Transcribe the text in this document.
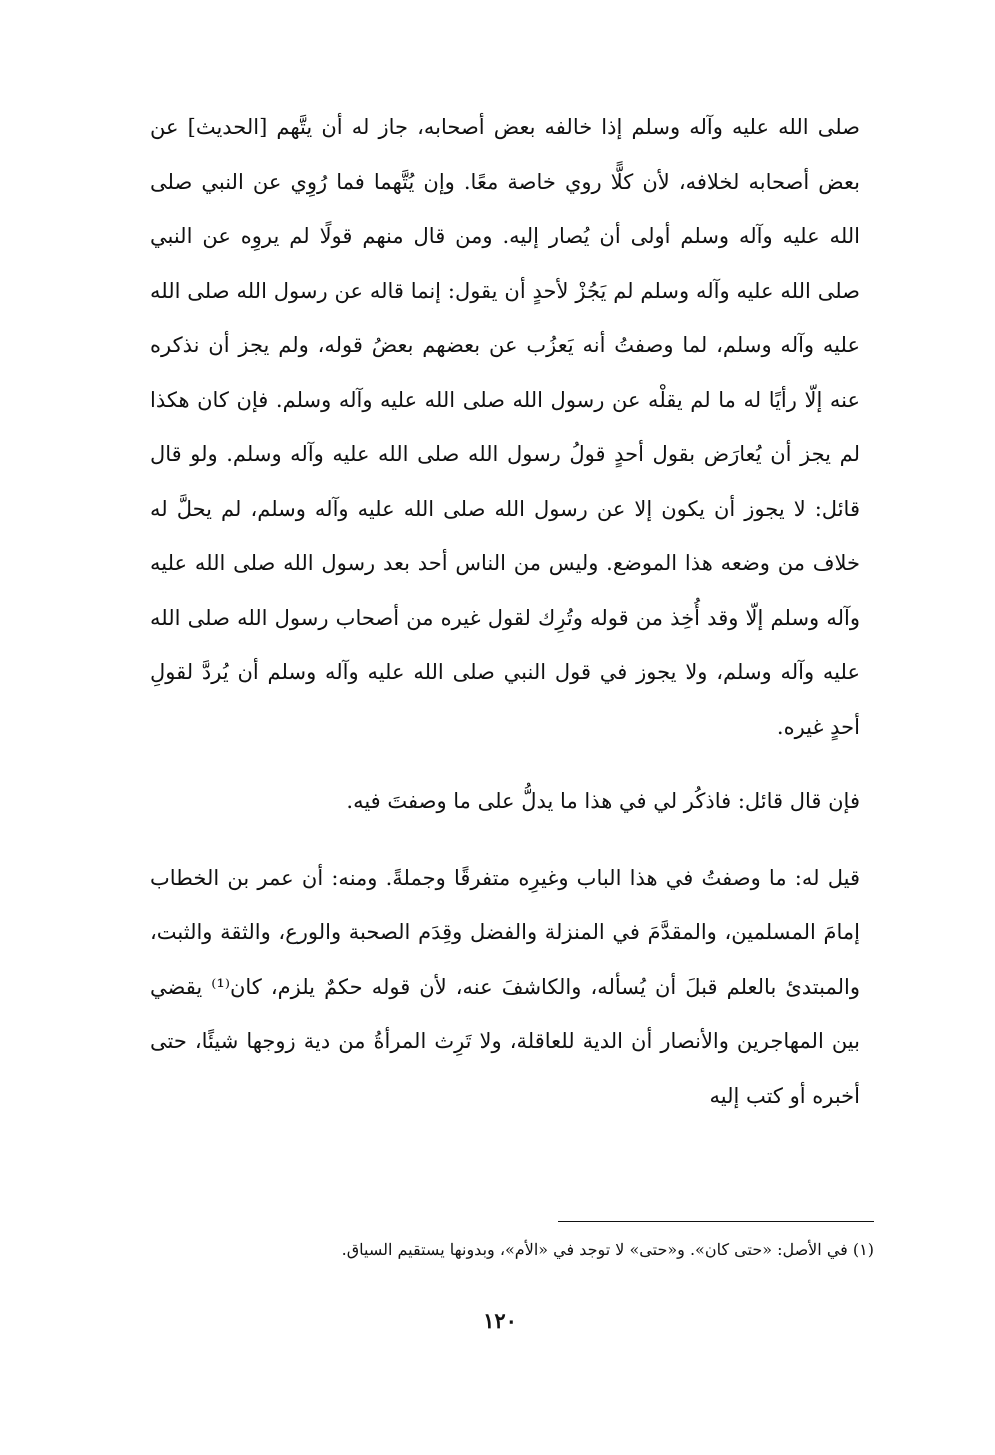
صلى الله عليه وآله وسلم إذا خالفه بعض أصحابه، جاز له أن يتَّهم [الحديث] عن بعض أصحابه لخلافه، لأن كلًّا روي خاصة معًا. وإن يُتَّهما فما رُوِي عن النبي صلى الله عليه وآله وسلم أولى أن يُصار إليه. ومن قال منهم قولًا لم يروِه عن النبي صلى الله عليه وآله وسلم لم يَجُزْ لأحدٍ أن يقول: إنما قاله عن رسول الله صلى الله عليه وآله وسلم، لما وصفتُ أنه يَعزُب عن بعضهم بعضُ قوله، ولم يجز أن نذكره عنه إلّا رأيًا له ما لم يقلْه عن رسول الله صلى الله عليه وآله وسلم. فإن كان هكذا لم يجز أن يُعارَض بقول أحدٍ قولُ رسول الله صلى الله عليه وآله وسلم. ولو قال قائل: لا يجوز أن يكون إلا عن رسول الله صلى الله عليه وآله وسلم، لم يحلَّ له خلاف من وضعه هذا الموضع. وليس من الناس أحد بعد رسول الله صلى الله عليه وآله وسلم إلّا وقد أُخِذ من قوله وتُرِك لقول غيره من أصحاب رسول الله صلى الله عليه وآله وسلم، ولا يجوز في قول النبي صلى الله عليه وآله وسلم أن يُردَّ لقولِ أحدٍ غيره.

فإن قال قائل: فاذكُر لي في هذا ما يدلُّ على ما وصفتَ فيه.

قيل له: ما وصفتُ في هذا الباب وغيرِه متفرقًا وجملةً. ومنه: أن عمر بن الخطاب إمامَ المسلمين، والمقدَّمَ في المنزلة والفضل وقِدَم الصحبة والورع، والثقة والثبت، والمبتدئ بالعلم قبلَ أن يُسأله، والكاشفَ عنه، لأن قوله حكمٌ يلزم، كان⁽¹⁾ يقضي بين المهاجرين والأنصار أن الدية للعاقلة، ولا تَرِث المرأةُ من دية زوجها شيئًا، حتى أخبره أو كتب إليه

(١) في الأصل: «حتى كان». و«حتى» لا توجد في «الأم»، وبدونها يستقيم السياق.
١٢٠
